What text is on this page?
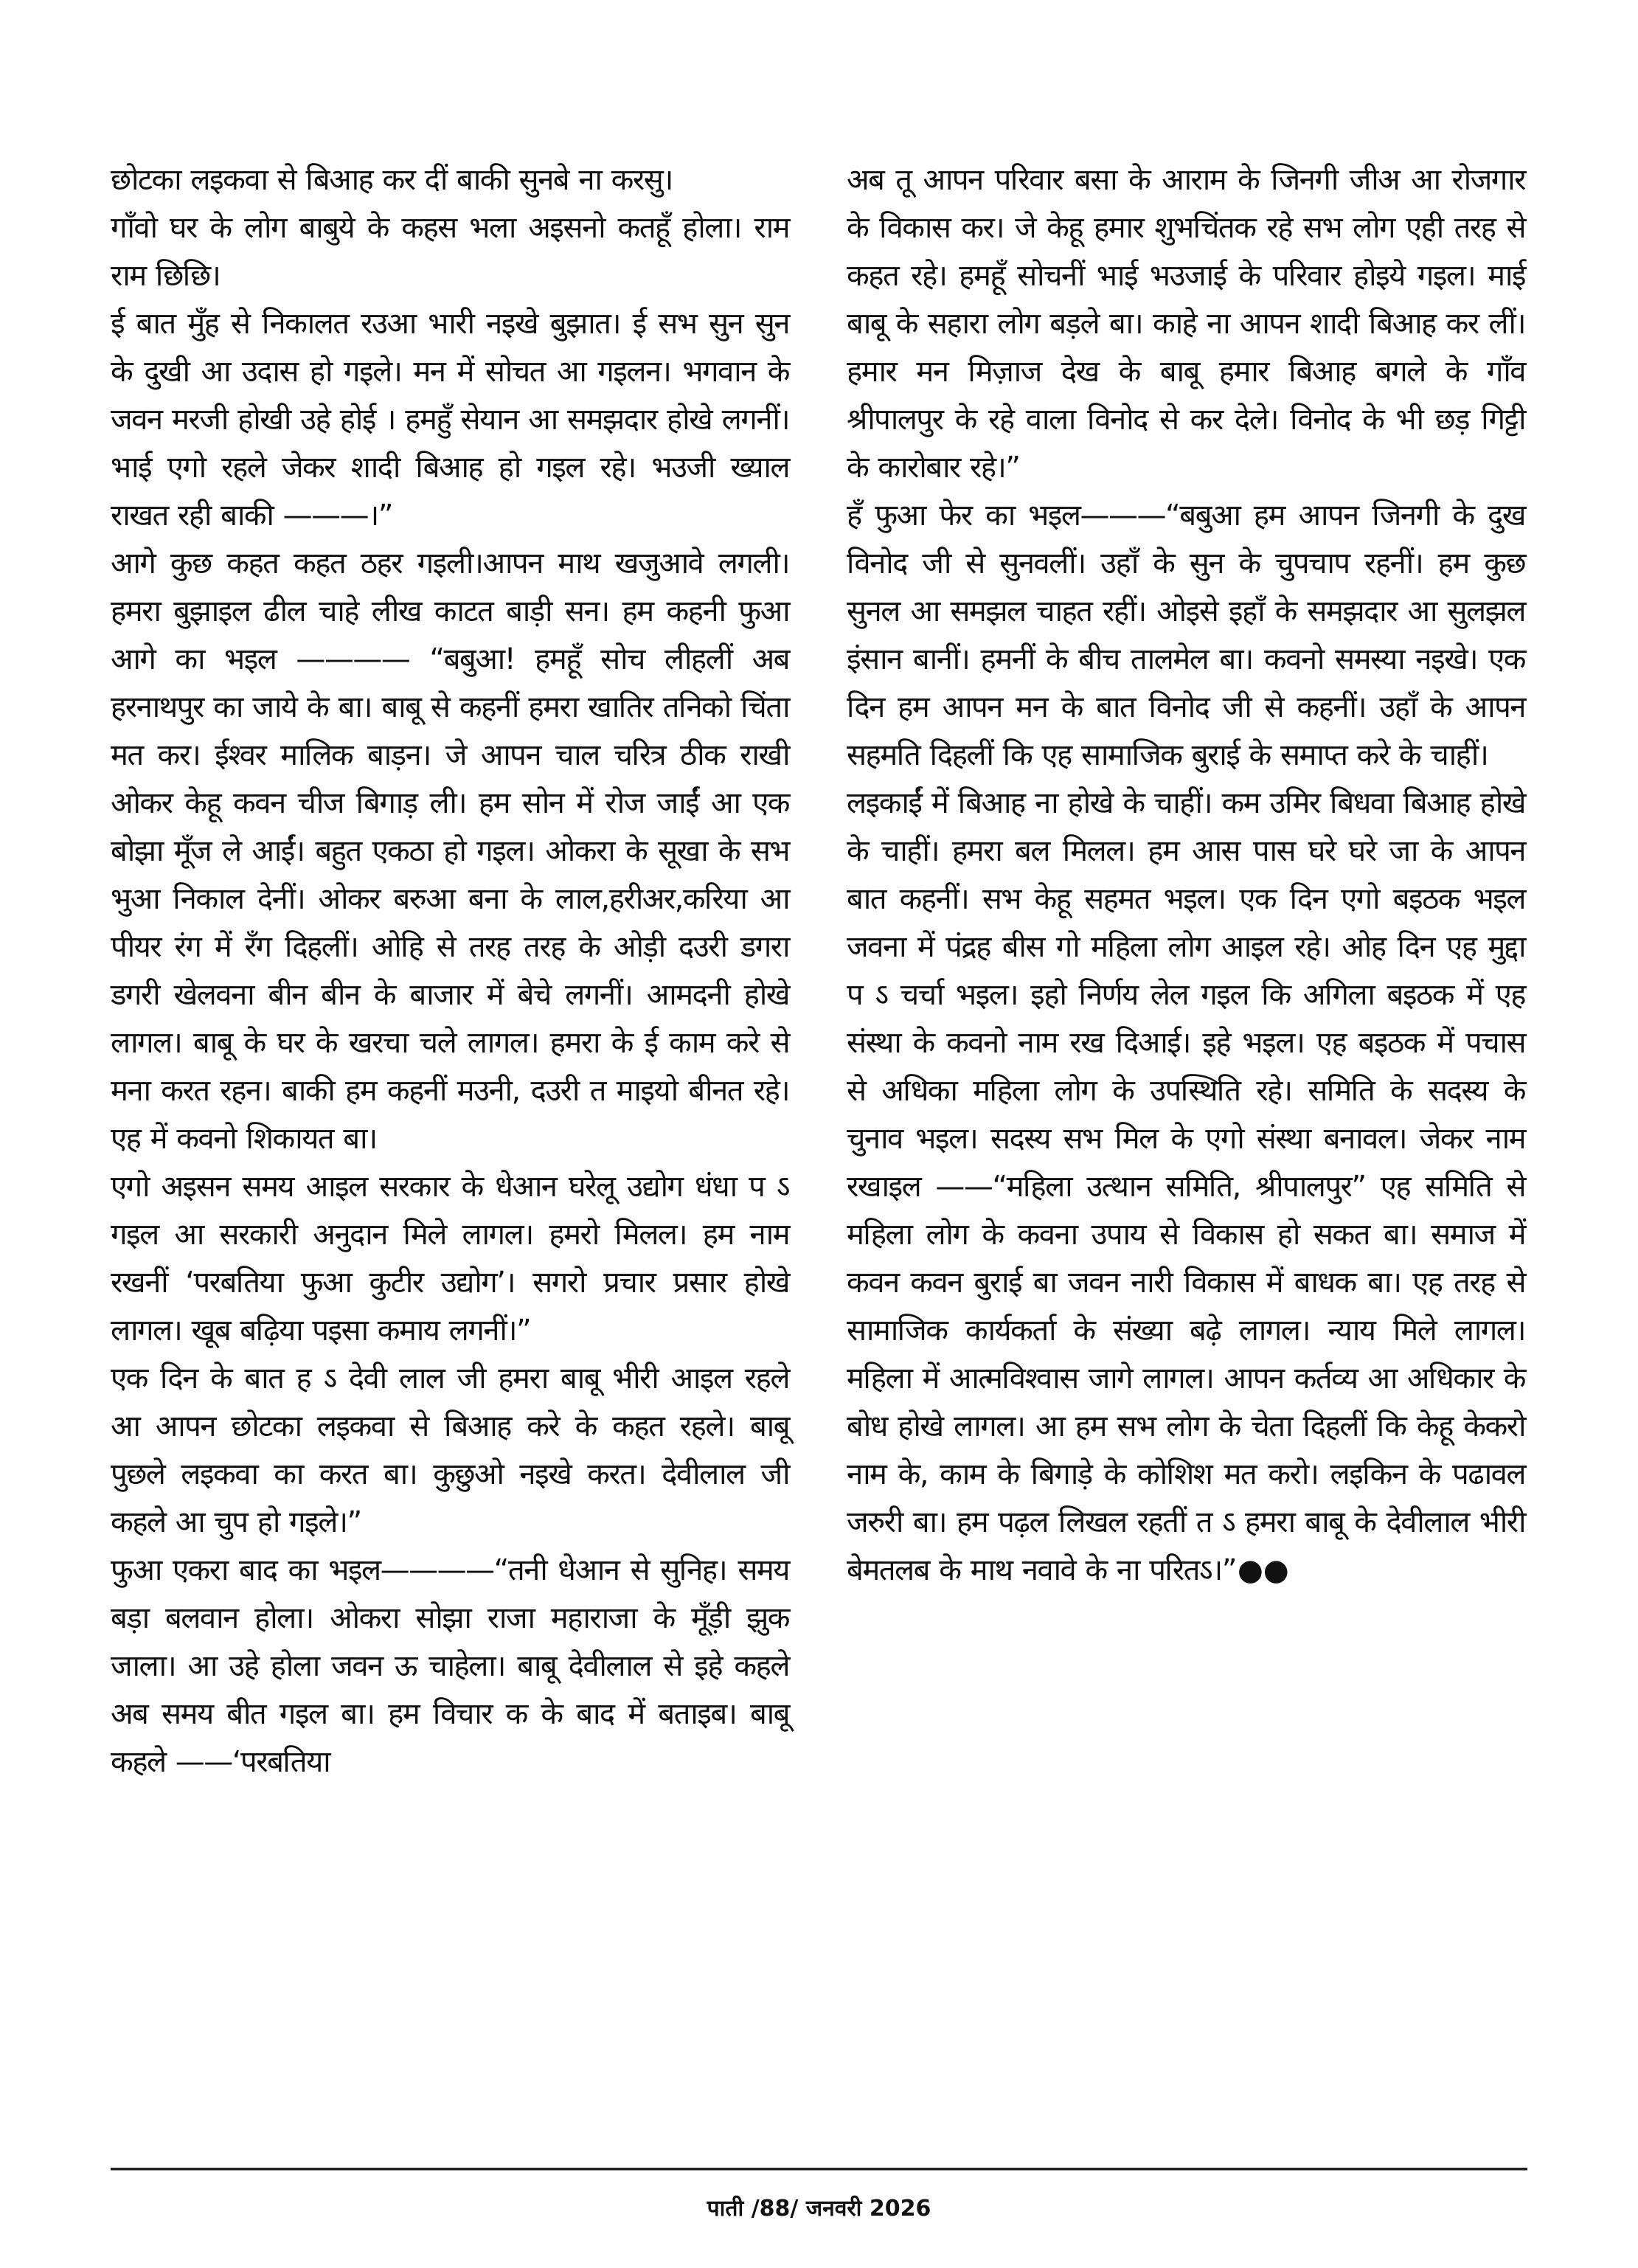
छोटका लइकवा से बिआह कर दीं बाकी सुनबे ना करसु।

गाँवो घर के लोग बाबुये के कहस भला अइसनो कतहूँ होला। राम राम छिछि।

ई बात मुँह से निकालत रउआ भारी नइखे बुझात। ई सभ सुन सुन के दुखी आ उदास हो गइले। मन में सोचत आ गइलन। भगवान के जवन मरजी होखी उहे होई । हमहुँ सेयान आ समझदार होखे लगनीं। भाई एगो रहले जेकर शादी बिआह हो गइल रहे। भउजी ख्याल राखत रही बाकी ———।”

आगे कुछ कहत कहत ठहर गइली।आपन माथ खजुआवे लगली। हमरा बुझाइल ढील चाहे लीख काटत बाड़ी सन। हम कहनी फुआ आगे का भइल ———— “बबुआ! हमहूँ सोच लीहलीं अब हरनाथपुर का जाये के बा। बाबू से कहनीं हमरा खातिर तनिको चिंता मत कर। ईश्वर मालिक बाड़न। जे आपन चाल चरित्र ठीक राखी ओकर केहू कवन चीज बिगाड़ ली। हम सोन में रोज जाईं आ एक बोझा मूँज ले आईं। बहुत एकठा हो गइल। ओकरा के सूखा के सभ भुआ निकाल देनीं। ओकर बरुआ बना के लाल,हरीअर,करिया आ पीयर रंग में रँग दिहलीं। ओहि से तरह तरह के ओड़ी दउरी डगरा डगरी खेलवना बीन बीन के बाजार में बेचे लगनीं। आमदनी होखे लागल। बाबू के घर के खरचा चले लागल। हमरा के ई काम करे से मना करत रहन। बाकी हम कहनीं मउनी, दउरी त माइयो बीनत रहे। एह में कवनो शिकायत बा।

एगो अइसन समय आइल सरकार के धेआन घरेलू उद्योग धंधा प ऽ गइल आ सरकारी अनुदान मिले लागल। हमरो मिलल। हम नाम रखनीं ‘परबतिया फुआ कुटीर उद्योग’। सगरो प्रचार प्रसार होखे लागल। खूब बढ़िया पइसा कमाय लगनीं।”

एक दिन के बात ह ऽ देवी लाल जी हमरा बाबू भीरी आइल रहले आ आपन छोटका लइकवा से बिआह करे के कहत रहले। बाबू पुछले लइकवा का करत बा। कुछुओ नइखे करत। देवीलाल जी कहले आ चुप हो गइले।”

फुआ एकरा बाद का भइल————“तनी धेआन से सुनिह। समय बड़ा बलवान होला। ओकरा सोझा राजा महाराजा के मूँड़ी झुक जाला। आ उहे होला जवन ऊ चाहेला। बाबू देवीलाल से इहे कहले अब समय बीत गइल बा। हम विचार क के बाद में बताइब। बाबू कहले ——‘परबतिया

अब तू आपन परिवार बसा के आराम के जिनगी जीअ आ रोजगार के विकास कर। जे केहू हमार शुभचिंतक रहे सभ लोग एही तरह से कहत रहे। हमहूँ सोचनीं भाई भउजाई के परिवार होइये गइल। माई बाबू के सहारा लोग बड़ले बा। काहे ना आपन शादी बिआह कर लीं। हमार मन मिज़ाज देख के बाबू हमार बिआह बगले के गाँव श्रीपालपुर के रहे वाला विनोद से कर देले। विनोद के भी छड़ गिट्टी के कारोबार रहे।”

हँ फुआ फेर का भइल———“बबुआ हम आपन जिनगी के दुख विनोद जी से सुनवलीं। उहाँ के सुन के चुपचाप रहनीं। हम कुछ सुनल आ समझल चाहत रहीं। ओइसे इहाँ के समझदार आ सुलझल इंसान बानीं। हमनीं के बीच तालमेल बा। कवनो समस्या नइखे। एक दिन हम आपन मन के बात विनोद जी से कहनीं। उहाँ के आपन सहमति दिहलीं कि एह सामाजिक बुराई के समाप्त करे के चाहीं।

लइकाईं में बिआह ना होखे के चाहीं। कम उमिर बिधवा बिआह होखे के चाहीं। हमरा बल मिलल। हम आस पास घरे घरे जा के आपन बात कहनीं। सभ केहू सहमत भइल। एक दिन एगो बइठक भइल जवना में पंद्रह बीस गो महिला लोग आइल रहे। ओह दिन एह मुद्दा प ऽ चर्चा भइल। इहो निर्णय लेल गइल कि अगिला बइठक में एह संस्था के कवनो नाम रख दिआई। इहे भइल। एह बइठक में पचास से अधिका महिला लोग के उपस्थिति रहे। समिति के सदस्य के चुनाव भइल। सदस्य सभ मिल के एगो संस्था बनावल। जेकर नाम रखाइल ——“महिला उत्थान समिति, श्रीपालपुर” एह समिति से महिला लोग के कवना उपाय से विकास हो सकत बा। समाज में कवन कवन बुराई बा जवन नारी विकास में बाधक बा। एह तरह से सामाजिक कार्यकर्ता के संख्या बढ़े लागल। न्याय मिले लागल। महिला में आत्मविश्वास जागे लागल। आपन कर्तव्य आ अधिकार के बोध होखे लागल। आ हम सभ लोग के चेता दिहलीं कि केहू केकरो नाम के, काम के बिगाड़े के कोशिश मत करो। लइकिन के पढावल जरुरी बा। हम पढ़ल लिखल रहतीं त ऽ हमरा बाबू के देवीलाल भीरी बेमतलब के माथ नवावे के ना परितऽ।”●●

पाती /88/ जनवरी 2026
